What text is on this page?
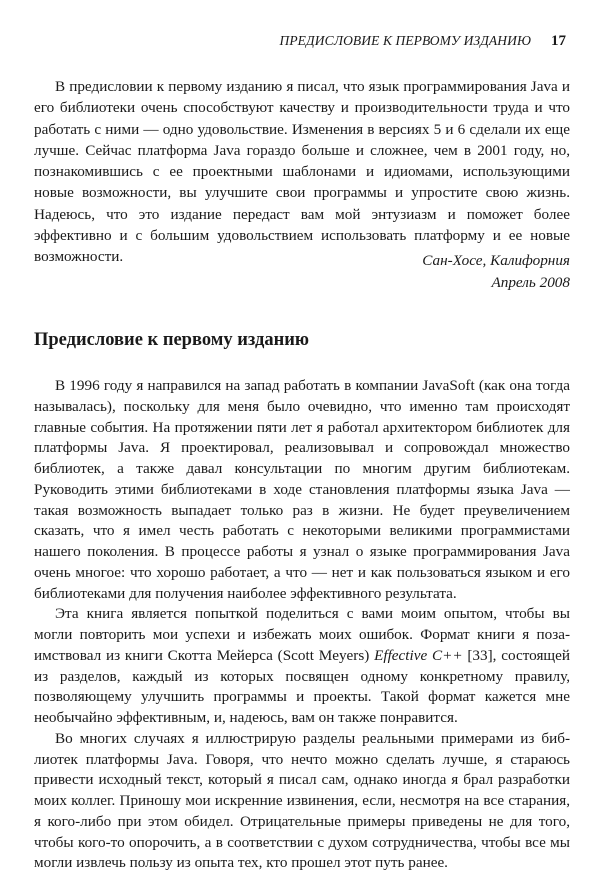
ПРЕДИСЛОВИЕ К ПЕРВОМУ ИЗДАНИЮ 17

В предисловии к первому изданию я писал, что язык программирования Java и его библиотеки очень способствуют качеству и производительности труда и что работать с ними — одно удовольствие. Изменения в версиях 5 и 6 сделали их еще лучше. Сейчас платформа Java гораздо больше и сложнее, чем в 2001 году, но, познакомившись с ее проектными шаблонами и идиомами, использующими новые возможности, вы улучшите свои программы и упростите свою жизнь. Надеюсь, что это издание передаст вам мой энтузиазм и поможет более эффективно и с большим удовольствием использовать платформу и ее новые возможности.	Сан-Хосе, Калифорния
Апрель 2008
Предисловие к первому изданию

В 1996 году я направился на запад работать в компании JavaSoft (как она тогда называлась), поскольку для меня было очевидно, что именно там происходят главные события. На протяжении пяти лет я работал архитектором библиотек для платформы Java. Я проектировал, реализовывал и сопровождал множество библиотек, а также давал консультации по многим другим библиотекам. Руководить этими библиотеками в ходе становления платформы языка Java — такая возможность выпадает только раз в жизни. Не будет преувеличением сказать, что я имел честь работать с некоторыми великими программистами нашего поколения. В процессе работы я узнал о языке программирования Java очень многое: что хорошо работает, а что — нет и как пользоваться языком и его библиотеками для получения наиболее эффективного результата.

Эта книга является попыткой поделиться с вами моим опытом, чтобы вы могли повторить мои успехи и избежать моих ошибок. Формат книги я позаимствовал из книги Скотта Мейерса (Scott Meyers) Effective C++ [33], состоящей из разделов, каждый из которых посвящен одному конкретному правилу, позволяющему улучшить программы и проекты. Такой формат кажется мне необычайно эффективным, и, надеюсь, вам он также понравится.

Во многих случаях я иллюстрирую разделы реальными примерами из библиотек платформы Java. Говоря, что нечто можно сделать лучше, я стараюсь привести исходный текст, который я писал сам, однако иногда я брал разработки моих коллег. Приношу мои искренние извинения, если, несмотря на все старания, я кого-либо при этом обидел. Отрицательные примеры приведены не для того, чтобы кого-то опорочить, а в соответствии с духом сотрудничества, чтобы все мы могли извлечь пользу из опыта тех, кто прошел этот путь ранее.
